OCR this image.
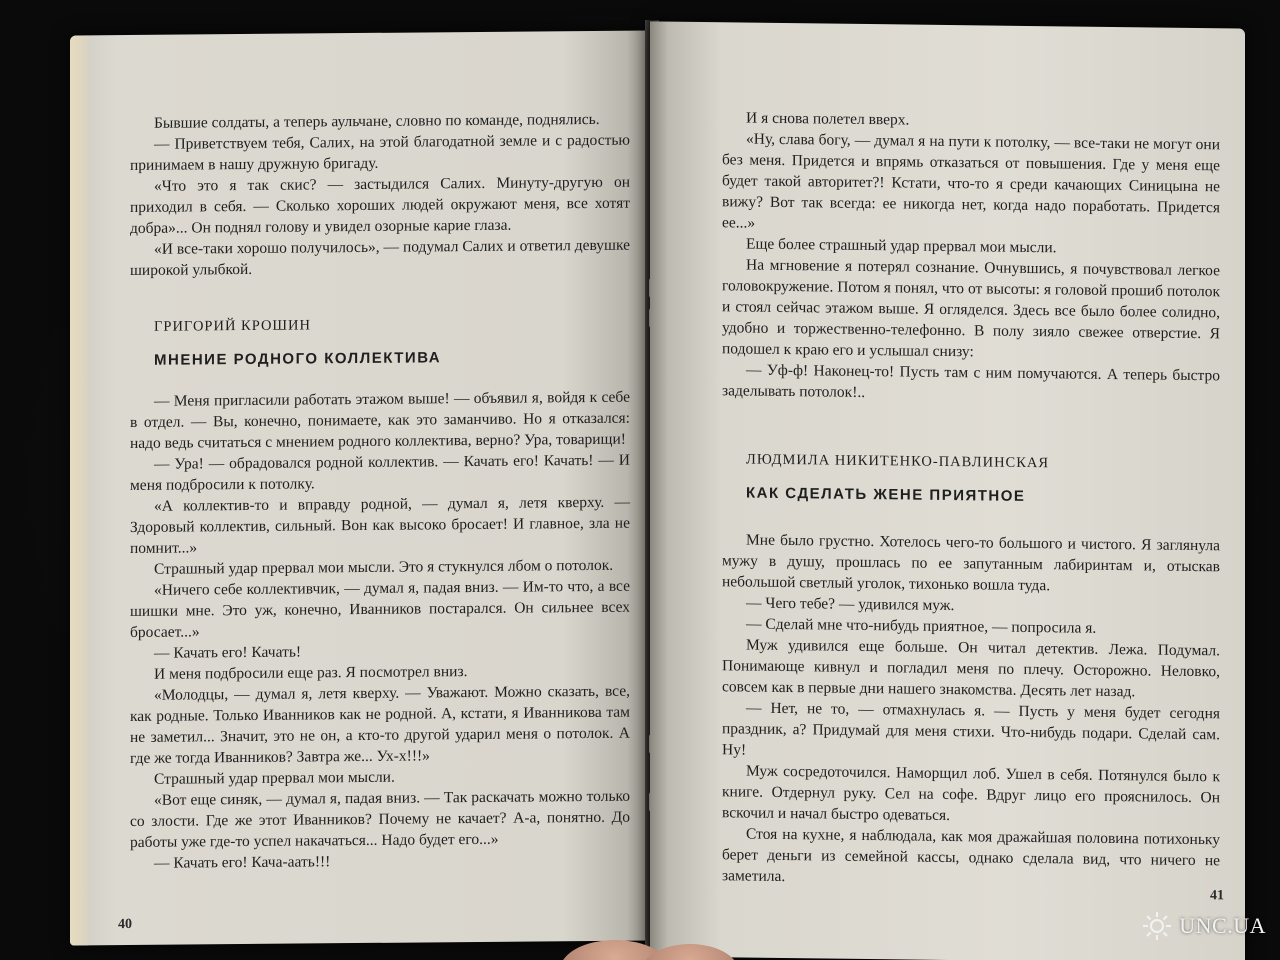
Бывшие солдаты, а теперь аульчане, словно по команде, поднялись.

— Приветствуем тебя, Салих, на этой благодатной земле и с радостью принимаем в нашу дружную бригаду.

«Что это я так скис? — застыдился Салих. Минуту-другую он приходил в себя. — Сколько хороших людей окружают меня, все хотят добра»... Он поднял голову и увидел озорные карие глаза.

«И все-таки хорошо получилось», — подумал Салих и ответил девушке широкой улыбкой.

ГРИГОРИЙ КРОШИН

МНЕНИЕ РОДНОГО КОЛЛЕКТИВА

— Меня пригласили работать этажом выше! — объявил я, войдя к себе в отдел. — Вы, конечно, понимаете, как это заманчиво. Но я отказался: надо ведь считаться с мнением родного коллектива, верно? Ура, товарищи!

— Ура! — обрадовался родной коллектив. — Качать его! Качать! — И меня подбросили к потолку.

«А коллектив-то и вправду родной, — думал я, летя кверху. — Здоровый коллектив, сильный. Вон как высоко бросает! И главное, зла не помнит...»

Страшный удар прервал мои мысли. Это я стукнулся лбом о потолок.

«Ничего себе коллективчик, — думал я, падая вниз. — Им-то что, а все шишки мне. Это уж, конечно, Иванников постарался. Он сильнее всех бросает...»

— Качать его! Качать!

И меня подбросили еще раз. Я посмотрел вниз.

«Молодцы, — думал я, летя кверху. — Уважают. Можно сказать, все, как родные. Только Иванников как не родной. А, кстати, я Иванникова там не заметил... Значит, это не он, а кто-то другой ударил меня о потолок. А где же тогда Иванников? Завтра же... Ух-х!!!»

Страшный удар прервал мои мысли.

«Вот еще синяк, — думал я, падая вниз. — Так раскачать можно только со злости. Где же этот Иванников? Почему не качает? А-а, понятно. До работы уже где-то успел накачаться... Надо будет его...»

— Качать его! Кача-аать!!!

40

И я снова полетел вверх.

«Ну, слава богу, — думал я на пути к потолку, — все-таки не могут они без меня. Придется и впрямь отказаться от повышения. Где у меня еще будет такой авторитет?! Кстати, что-то я среди качающих Синицына не вижу? Вот так всегда: ее никогда нет, когда надо поработать. Придется ее...»

Еще более страшный удар прервал мои мысли.

На мгновение я потерял сознание. Очнувшись, я почувствовал легкое головокружение. Потом я понял, что от высоты: я головой прошиб потолок и стоял сейчас этажом выше. Я огляделся. Здесь все было более солидно, удобно и торжественно-телефонно. В полу зияло свежее отверстие. Я подошел к краю его и услышал снизу:

— Уф-ф! Наконец-то! Пусть там с ним помучаются. А теперь быстро заделывать потолок!..

ЛЮДМИЛА НИКИТЕНКО-ПАВЛИНСКАЯ

КАК СДЕЛАТЬ ЖЕНЕ ПРИЯТНОЕ

Мне было грустно. Хотелось чего-то большого и чистого. Я заглянула мужу в душу, прошлась по ее запутанным лабиринтам и, отыскав небольшой светлый уголок, тихонько вошла туда.

— Чего тебе? — удивился муж.

— Сделай мне что-нибудь приятное, — попросила я.

Муж удивился еще больше. Он читал детектив. Лежа. Подумал. Понимающе кивнул и погладил меня по плечу. Осторожно. Неловко, совсем как в первые дни нашего знакомства. Десять лет назад.

— Нет, не то, — отмахнулась я. — Пусть у меня будет сегодня праздник, а? Придумай для меня стихи. Что-нибудь подари. Сделай сам. Ну!

Муж сосредоточился. Наморщил лоб. Ушел в себя. Потянулся было к книге. Отдернул руку. Сел на софе. Вдруг лицо его прояснилось. Он вскочил и начал быстро одеваться.

Стоя на кухне, я наблюдала, как моя дражайшая половина потихоньку берет деньги из семейной кассы, однако сделала вид, что ничего не заметила.

41
UNC.UA
